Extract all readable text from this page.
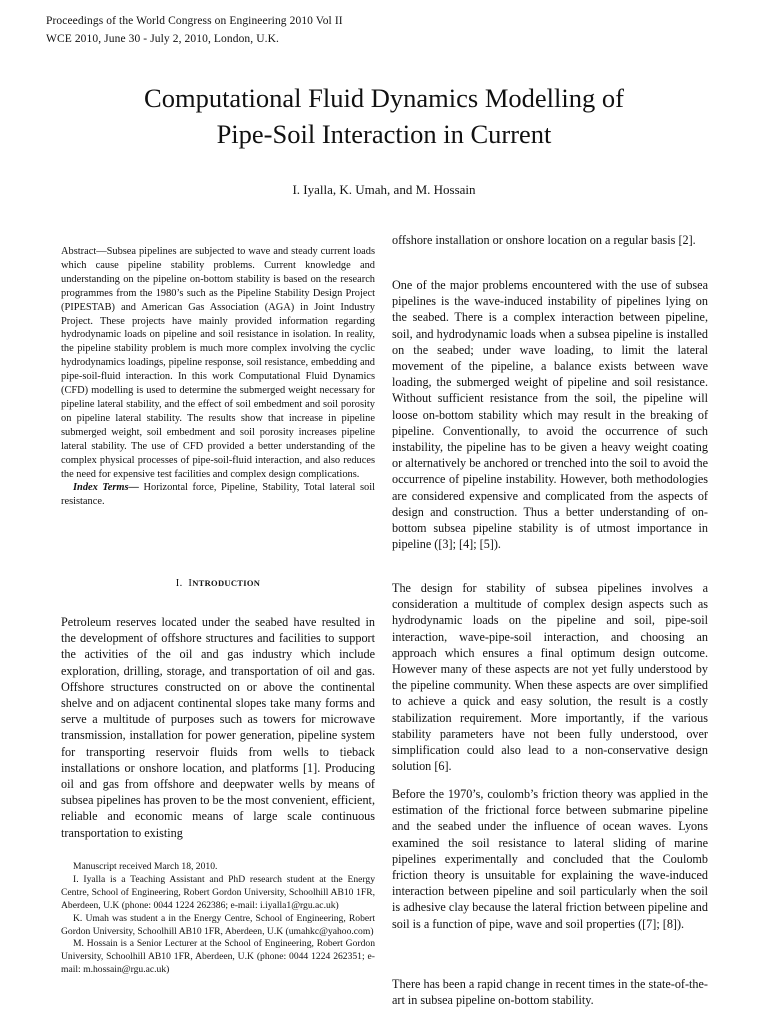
Proceedings of the World Congress on Engineering 2010 Vol II
WCE 2010, June 30 - July 2, 2010, London, U.K.
Computational Fluid Dynamics Modelling of
Pipe-Soil Interaction in Current
I. Iyalla, K. Umah, and M. Hossain

Abstract—Subsea pipelines are subjected to wave and steady current loads which cause pipeline stability problems. Current knowledge and understanding on the pipeline on-bottom stability is based on the research programmes from the 1980’s such as the Pipeline Stability Design Project (PIPESTAB) and American Gas Association (AGA) in Joint Industry Project. These projects have mainly provided information regarding hydrodynamic loads on pipeline and soil resistance in isolation. In reality, the pipeline stability problem is much more complex involving the cyclic hydrodynamics loadings, pipeline response, soil resistance, embedding and pipe-soil-fluid interaction. In this work Computational Fluid Dynamics (CFD) modelling is used to determine the submerged weight necessary for pipeline lateral stability, and the effect of soil embedment and soil porosity on pipeline lateral stability. The results show that increase in pipeline submerged weight, soil embedment and soil porosity increases pipeline lateral stability. The use of CFD provided a better understanding of the complex physical processes of pipe-soil-fluid interaction, and also reduces the need for expensive test facilities and complex design complications.

Index Terms— Horizontal force, Pipeline, Stability, Total lateral soil resistance.

I. INTRODUCTION

Petroleum reserves located under the seabed have resulted in the development of offshore structures and facilities to support the activities of the oil and gas industry which include exploration, drilling, storage, and transportation of oil and gas. Offshore structures constructed on or above the continental shelve and on adjacent continental slopes take many forms and serve a multitude of purposes such as towers for microwave transmission, installation for power generation, pipeline system for transporting reservoir fluids from wells to tieback installations or onshore location, and platforms [1]. Producing oil and gas from offshore and deepwater wells by means of subsea pipelines has proven to be the most convenient, efficient, reliable and economic means of large scale continuous transportation to existing

Manuscript received March 18, 2010.

I. Iyalla is a Teaching Assistant and PhD research student at the Energy Centre, School of Engineering, Robert Gordon University, Schoolhill AB10 1FR, Aberdeen, U.K (phone: 0044 1224 262386; e-mail: i.iyalla1@rgu.ac.uk)

K. Umah was student a in the Energy Centre, School of Engineering, Robert Gordon University, Schoolhill AB10 1FR, Aberdeen, U.K (umahkc@yahoo.com)

M. Hossain is a Senior Lecturer at the School of Engineering, Robert Gordon University, Schoolhill AB10 1FR, Aberdeen, U.K (phone: 0044 1224 262351; e-mail: m.hossain@rgu.ac.uk)

offshore installation or onshore location on a regular basis [2].

One of the major problems encountered with the use of subsea pipelines is the wave-induced instability of pipelines lying on the seabed. There is a complex interaction between pipeline, soil, and hydrodynamic loads when a subsea pipeline is installed on the seabed; under wave loading, to limit the lateral movement of the pipeline, a balance exists between wave loading, the submerged weight of pipeline and soil resistance. Without sufficient resistance from the soil, the pipeline will loose on-bottom stability which may result in the breaking of pipeline. Conventionally, to avoid the occurrence of such instability, the pipeline has to be given a heavy weight coating or alternatively be anchored or trenched into the soil to avoid the occurrence of pipeline instability. However, both methodologies are considered expensive and complicated from the aspects of design and construction. Thus a better understanding of on-bottom subsea pipeline stability is of utmost importance in pipeline ([3]; [4]; [5]).

The design for stability of subsea pipelines involves a consideration a multitude of complex design aspects such as hydrodynamic loads on the pipeline and soil, pipe-soil interaction, wave-pipe-soil interaction, and choosing an approach which ensures a final optimum design outcome. However many of these aspects are not yet fully understood by the pipeline community. When these aspects are over simplified to achieve a quick and easy solution, the result is a costly stabilization requirement. More importantly, if the various stability parameters have not been fully understood, over simplification could also lead to a non-conservative design solution [6].

Before the 1970’s, coulomb’s friction theory was applied in the estimation of the frictional force between submarine pipeline and the seabed under the influence of ocean waves. Lyons examined the soil resistance to lateral sliding of marine pipelines experimentally and concluded that the Coulomb friction theory is unsuitable for explaining the wave-induced interaction between pipeline and soil particularly when the soil is adhesive clay because the lateral friction between pipeline and soil is a function of pipe, wave and soil properties ([7]; [8]).

There has been a rapid change in recent times in the state-of-the-art in subsea pipeline on-bottom stability.
